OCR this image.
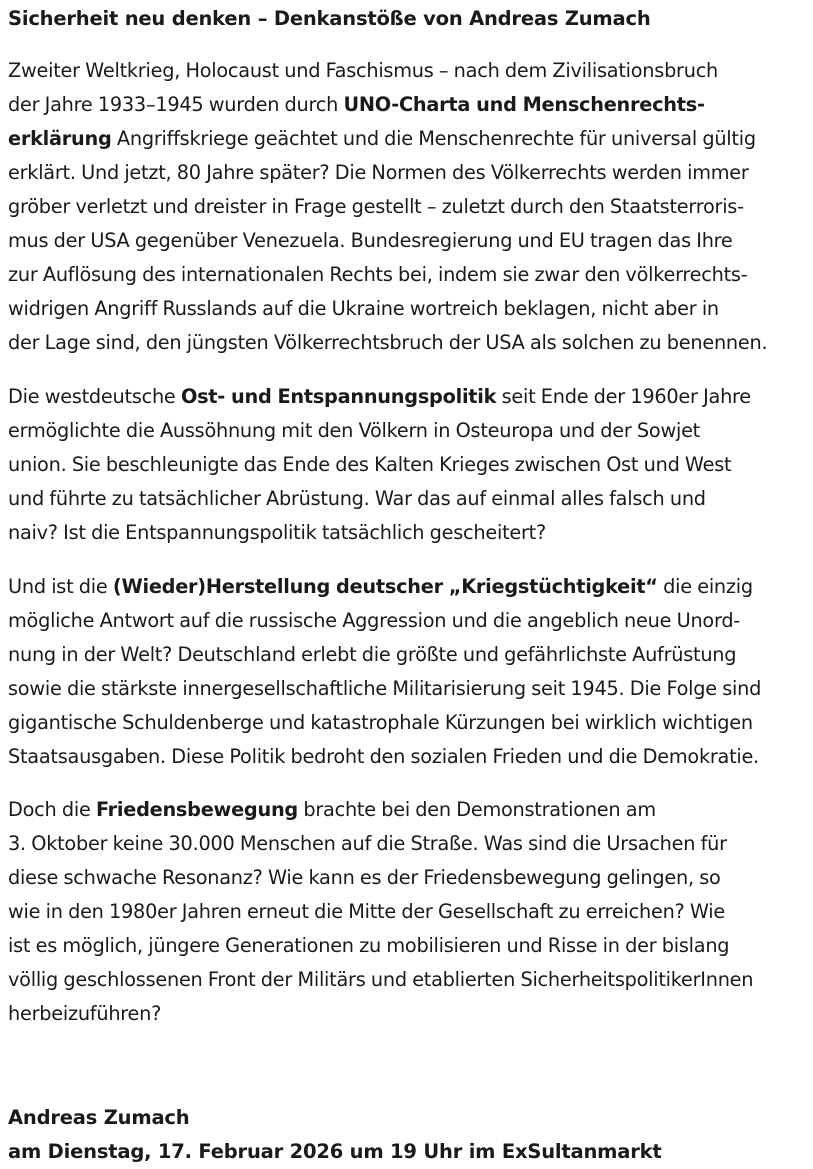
Sicherheit neu denken – Denkanstöße von Andreas Zumach

Zweiter Weltkrieg, Holocaust und Faschismus – nach dem Zivilisationsbruch
der Jahre 1933–1945 wurden durch UNO-Charta und Menschenrechts-
erklärung Angriffskriege geächtet und die Menschenrechte für universal gültig
erklärt. Und jetzt, 80 Jahre später? Die Normen des Völkerrechts werden immer
gröber verletzt und dreister in Frage gestellt – zuletzt durch den Staatsterroris-
mus der USA gegenüber Venezuela. Bundesregierung und EU tragen das Ihre
zur Auflösung des internationalen Rechts bei, indem sie zwar den völkerrechts-
widrigen Angriff Russlands auf die Ukraine wortreich beklagen, nicht aber in
der Lage sind, den jüngsten Völkerrechtsbruch der USA als solchen zu benennen.

Die westdeutsche Ost- und Entspannungspolitik seit Ende der 1960er Jahre
ermöglichte die Aussöhnung mit den Völkern in Osteuropa und der Sowjet
union. Sie beschleunigte das Ende des Kalten Krieges zwischen Ost und West
und führte zu tatsächlicher Abrüstung. War das auf einmal alles falsch und
naiv? Ist die Entspannungspolitik tatsächlich gescheitert?

Und ist die (Wieder)Herstellung deutscher „Kriegstüchtigkeit“ die einzig
mögliche Antwort auf die russische Aggression und die angeblich neue Unord-
nung in der Welt? Deutschland erlebt die größte und gefährlichste Aufrüstung
sowie die stärkste innergesellschaftliche Militarisierung seit 1945. Die Folge sind
gigantische Schuldenberge und katastrophale Kürzungen bei wirklich wichtigen
Staatsausgaben. Diese Politik bedroht den sozialen Frieden und die Demokratie.

Doch die Friedensbewegung brachte bei den Demonstrationen am
3. Oktober keine 30.000 Menschen auf die Straße. Was sind die Ursachen für
diese schwache Resonanz? Wie kann es der Friedensbewegung gelingen, so
wie in den 1980er Jahren erneut die Mitte der Gesellschaft zu erreichen? Wie
ist es möglich, jüngere Generationen zu mobilisieren und Risse in der bislang
völlig geschlossenen Front der Militärs und etablierten SicherheitspolitikerInnen
herbeizuführen?

Andreas Zumach
am Dienstag, 17. Februar 2026 um 19 Uhr im ExSultanmarkt
